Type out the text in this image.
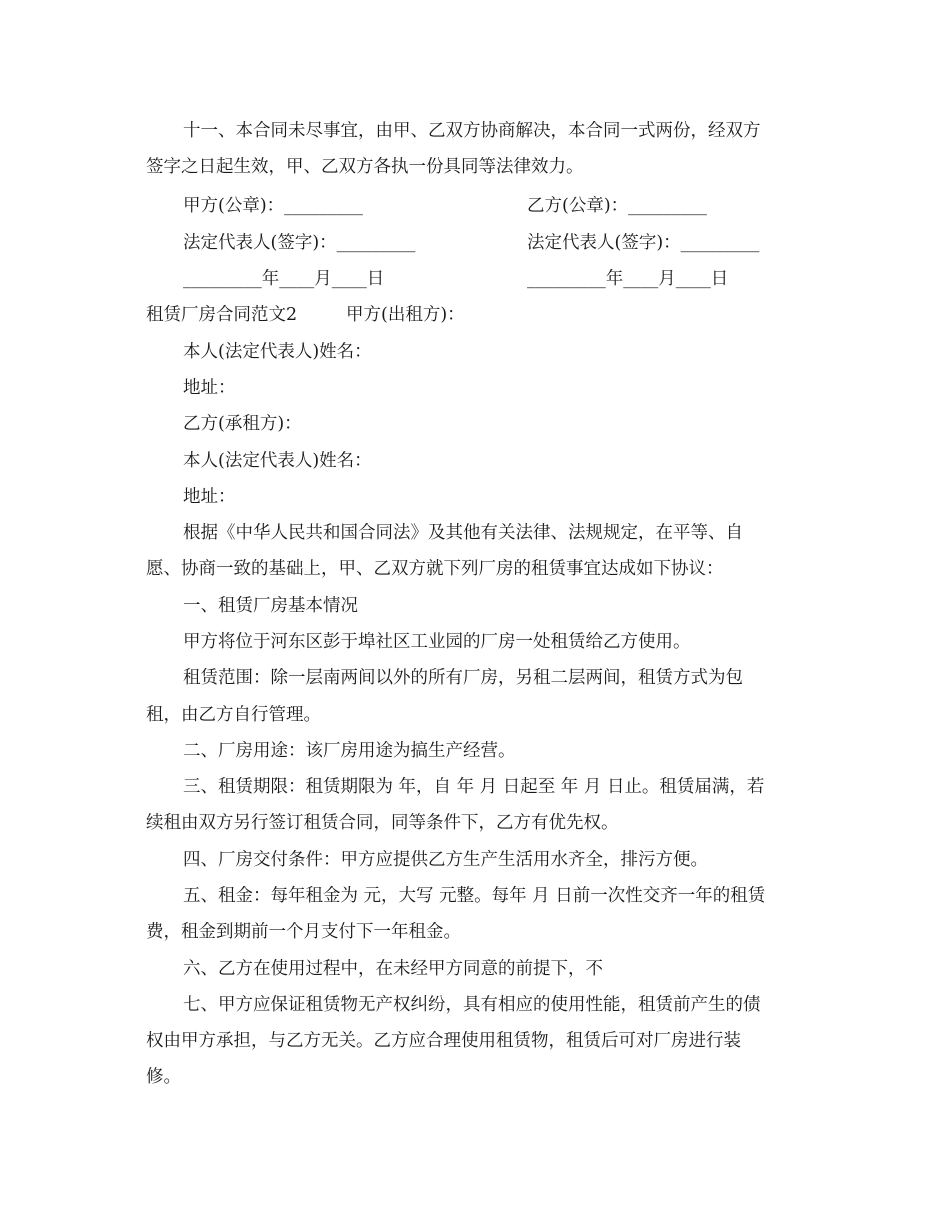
十一、本合同未尽事宜，由甲、乙双方协商解决，本合同一式两份，经双方
签字之日起生效，甲、乙双方各执一份具同等法律效力。
甲方(公章)：_________	乙方(公章)：_________
法定代表人(签字)：_________	法定代表人(签字)：_________
_________年____月____日	_________年____月____日
租赁厂房合同范文2	甲方(出租方)：
本人(法定代表人)姓名：
地址：
乙方(承租方)：
本人(法定代表人)姓名：
地址：
根据《中华人民共和国合同法》及其他有关法律、法规规定，在平等、自
愿、协商一致的基础上，甲、乙双方就下列厂房的租赁事宜达成如下协议：
一、租赁厂房基本情况
甲方将位于河东区彭于埠社区工业园的厂房一处租赁给乙方使用。
租赁范围：除一层南两间以外的所有厂房，另租二层两间，租赁方式为包
租，由乙方自行管理。
二、厂房用途：该厂房用途为搞生产经营。
三、租赁期限：租赁期限为 年，自 年 月 日起至 年 月 日止。租赁届满，若
续租由双方另行签订租赁合同，同等条件下，乙方有优先权。
四、厂房交付条件：甲方应提供乙方生产生活用水齐全，排污方便。
五、租金：每年租金为 元，大写 元整。每年 月 日前一次性交齐一年的租赁
费，租金到期前一个月支付下一年租金。
六、乙方在使用过程中，在未经甲方同意的前提下，不
七、甲方应保证租赁物无产权纠纷，具有相应的使用性能，租赁前产生的债
权由甲方承担，与乙方无关。乙方应合理使用租赁物，租赁后可对厂房进行装
修。
